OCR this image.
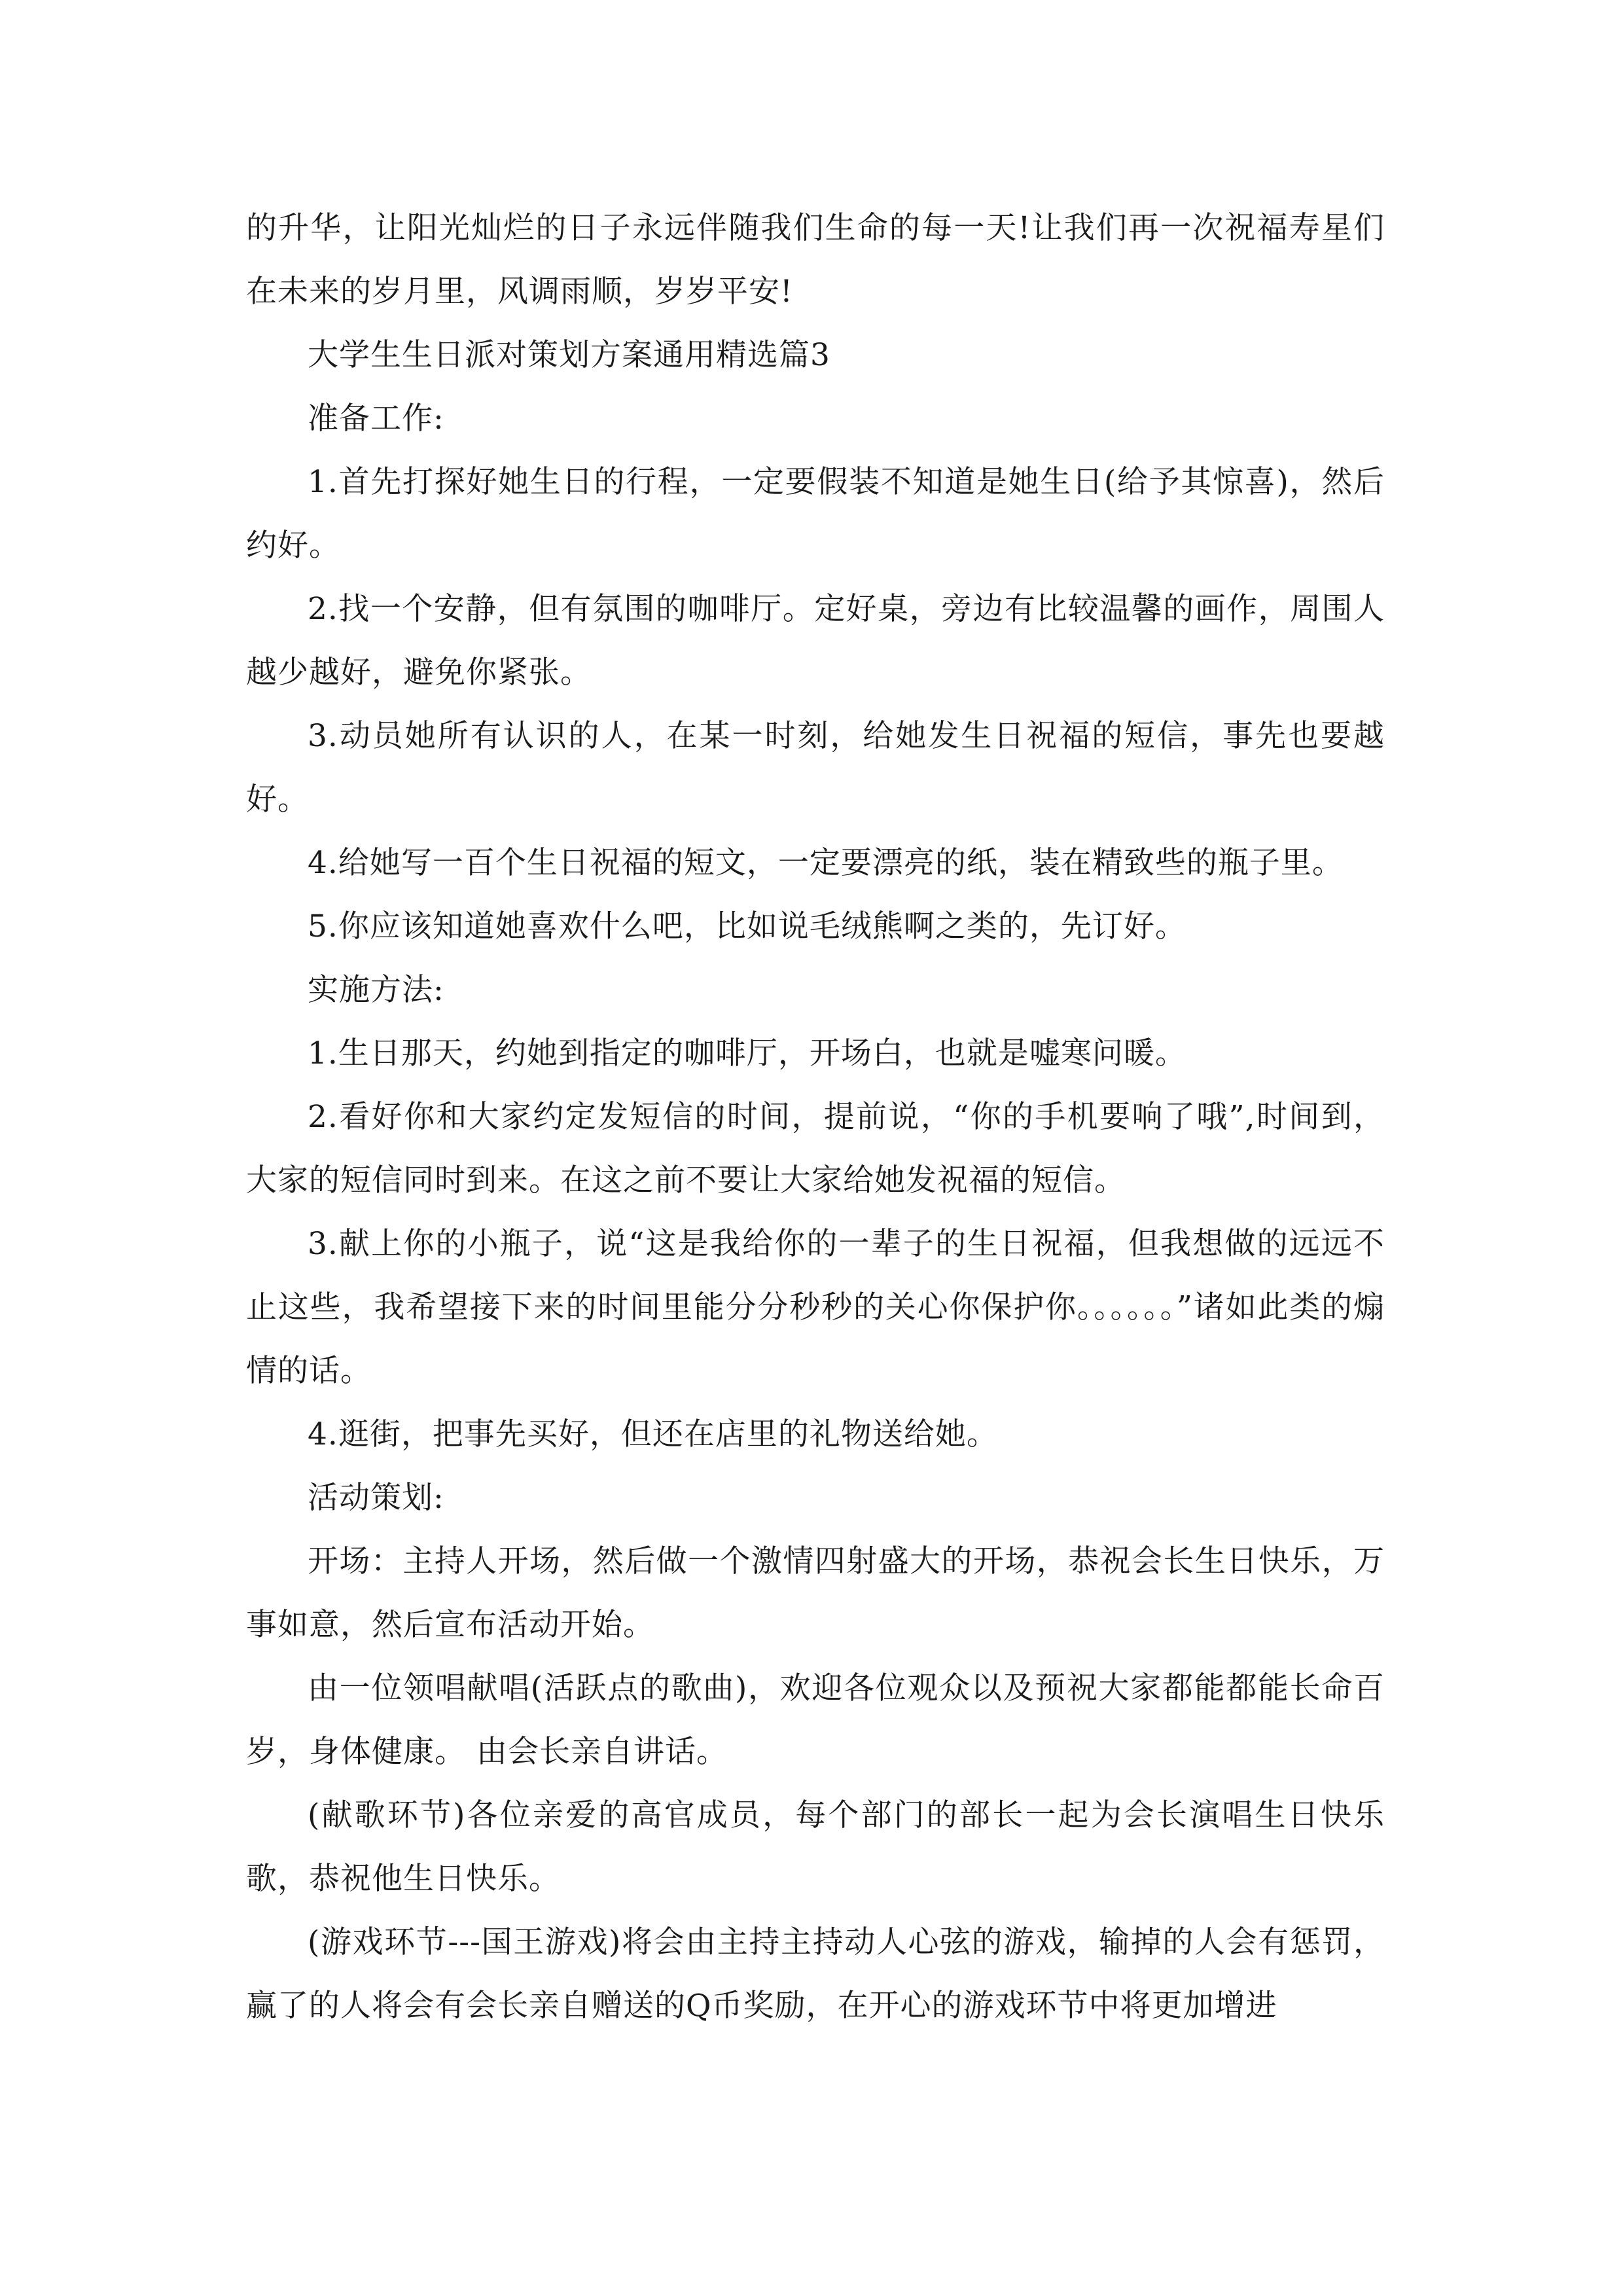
的升华，让阳光灿烂的日子永远伴随我们生命的每一天!让我们再一次祝福寿星们在未来的岁月里，风调雨顺，岁岁平安!

大学生生日派对策划方案通用精选篇3

准备工作:

1.首先打探好她生日的行程，一定要假装不知道是她生日(给予其惊喜)，然后约好。

2.找一个安静，但有氛围的咖啡厅。定好桌，旁边有比较温馨的画作，周围人越少越好，避免你紧张。

3.动员她所有认识的人，在某一时刻，给她发生日祝福的短信，事先也要越好。

4.给她写一百个生日祝福的短文，一定要漂亮的纸，装在精致些的瓶子里。

5.你应该知道她喜欢什么吧，比如说毛绒熊啊之类的，先订好。

实施方法:

1.生日那天，约她到指定的咖啡厅，开场白，也就是嘘寒问暖。

2.看好你和大家约定发短信的时间，提前说，“你的手机要响了哦”,时间到，大家的短信同时到来。在这之前不要让大家给她发祝福的短信。

3.献上你的小瓶子，说“这是我给你的一辈子的生日祝福，但我想做的远远不止这些，我希望接下来的时间里能分分秒秒的关心你保护你。。。。。。”诸如此类的煽情的话。

4.逛街，把事先买好，但还在店里的礼物送给她。

活动策划:

开场：主持人开场，然后做一个激情四射盛大的开场，恭祝会长生日快乐，万事如意，然后宣布活动开始。

由一位领唱献唱(活跃点的歌曲)，欢迎各位观众以及预祝大家都能都能长命百岁，身体健康。 由会长亲自讲话。

(献歌环节)各位亲爱的高官成员，每个部门的部长一起为会长演唱生日快乐歌，恭祝他生日快乐。

(游戏环节---国王游戏)将会由主持主持动人心弦的游戏，输掉的人会有惩罚，赢了的人将会有会长亲自赠送的Q币奖励，在开心的游戏环节中将更加增进
